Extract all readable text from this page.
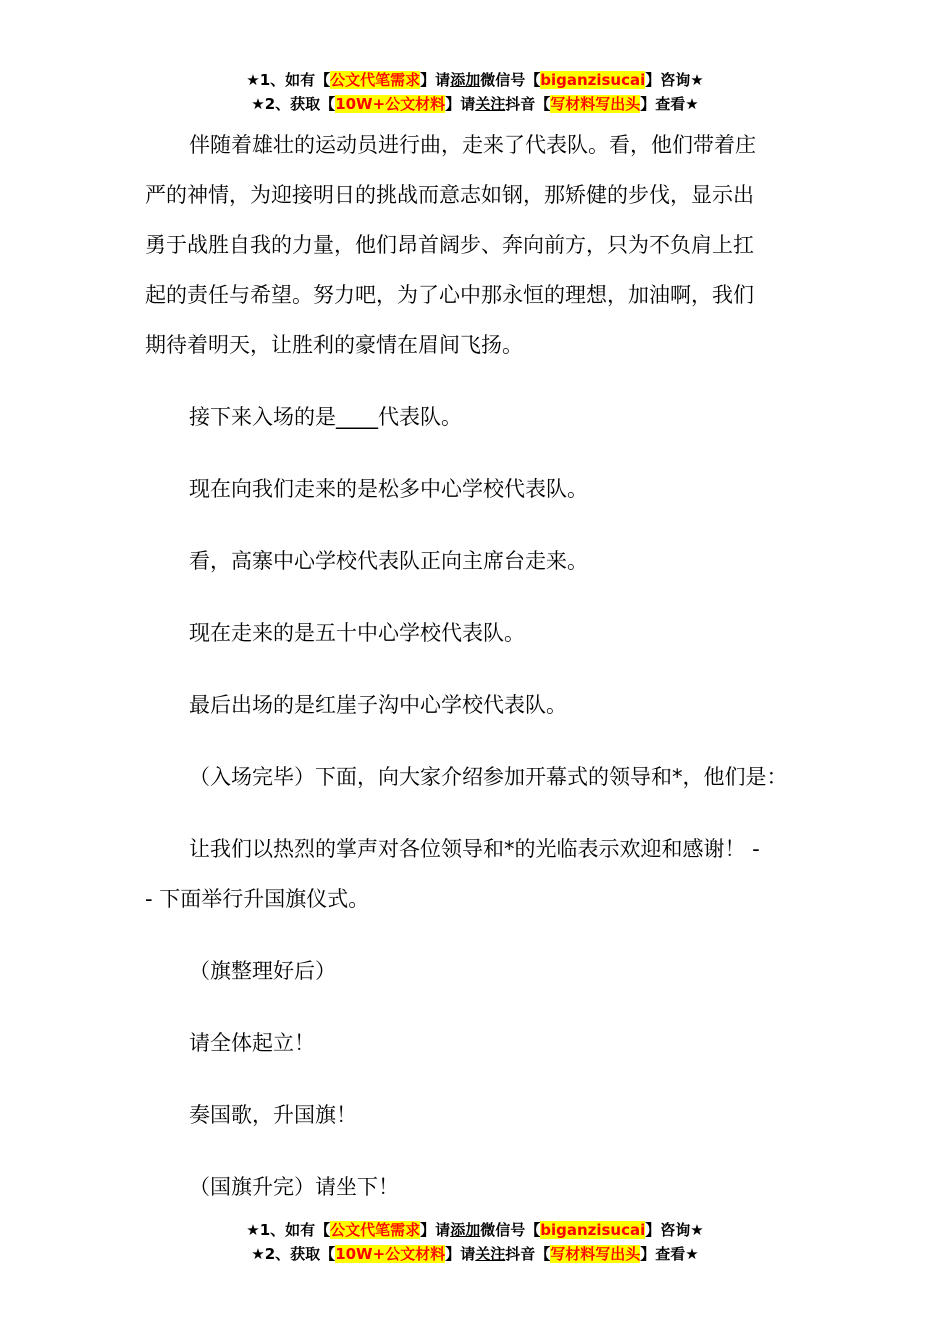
★1、如有【公文代笔需求】请添加微信号【biganzisucai】咨询★
★2、获取【10W+公文材料】请关注抖音【写材料写出头】查看★
伴随着雄壮的运动员进行曲，走来了代表队。看，他们带着庄
严的神情，为迎接明日的挑战而意志如钢，那矫健的步伐，显示出
勇于战胜自我的力量，他们昂首阔步、奔向前方，只为不负肩上扛
起的责任与希望。努力吧，为了心中那永恒的理想，加油啊，我们
期待着明天，让胜利的豪情在眉间飞扬。
接下来入场的是____代表队。
现在向我们走来的是松多中心学校代表队。
看，高寨中心学校代表队正向主席台走来。
现在走来的是五十中心学校代表队。
最后出场的是红崖子沟中心学校代表队。
（入场完毕）下面，向大家介绍参加开幕式的领导和*，他们是：
让我们以热烈的掌声对各位领导和*的光临表示欢迎和感谢！ -
- 下面举行升国旗仪式。
（旗整理好后）
请全体起立！
奏国歌，升国旗！
（国旗升完）请坐下！
★1、如有【公文代笔需求】请添加微信号【biganzisucai】咨询★
★2、获取【10W+公文材料】请关注抖音【写材料写出头】查看★
